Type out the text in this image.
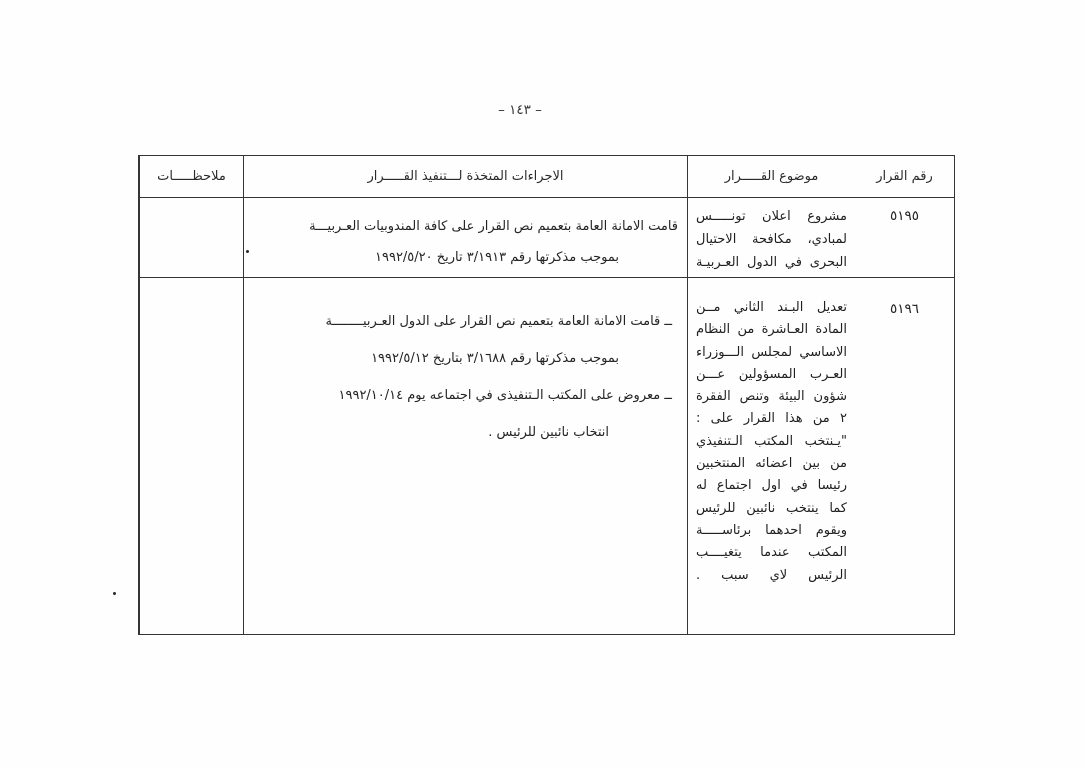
– ١٤٣ –
رقم القرار
موضوع القـــــرار
الاجراءات المتخذة لـــتنفيذ القـــــرار
ملاحظـــــات
٥١٩٥
مشروع اعلان تونـــــس
لمبادي، مكافحة الاحتيال
البحرى في الدول العـربيـة
قامت الامانة العامة بتعميم نص القرار على كافة المندوبيات العـربيـــة
بموجب مذكرتها رقم ٣/١٩١٣ تاريخ ١٩٩٢/٥/٢٠
٥١٩٦
تعديل البـند الثاني مــن
المادة العـاشرة من النظام
الاساسي لمجلس الـــوزراء
العـرب المسؤولين عـــن
شؤون البيئة وتنص الفقرة
٢ من هذا القرار على :
"يـنتخب المكتب الـتنفيذي
من بين اعضائه المنتخبين
رئيسا في اول اجتماع له
كما ينتخب نائبين للرئيس
ويقوم احدهما برئاســـــة
المكتب عندما يتغيــــب
الرئيس لاي سبب .
ــ قامت الامانة العامة بتعميم نص القرار على الدول العـربيــــــــة
بموجب مذكرتها رقم ٣/١٦٨٨ بتاريخ ١٩٩٢/٥/١٢
ــ معروض على المكتب الـتنفيذى في اجتماعه يوم ١٩٩٢/١٠/١٤
انتخاب نائبين للرئيس .
